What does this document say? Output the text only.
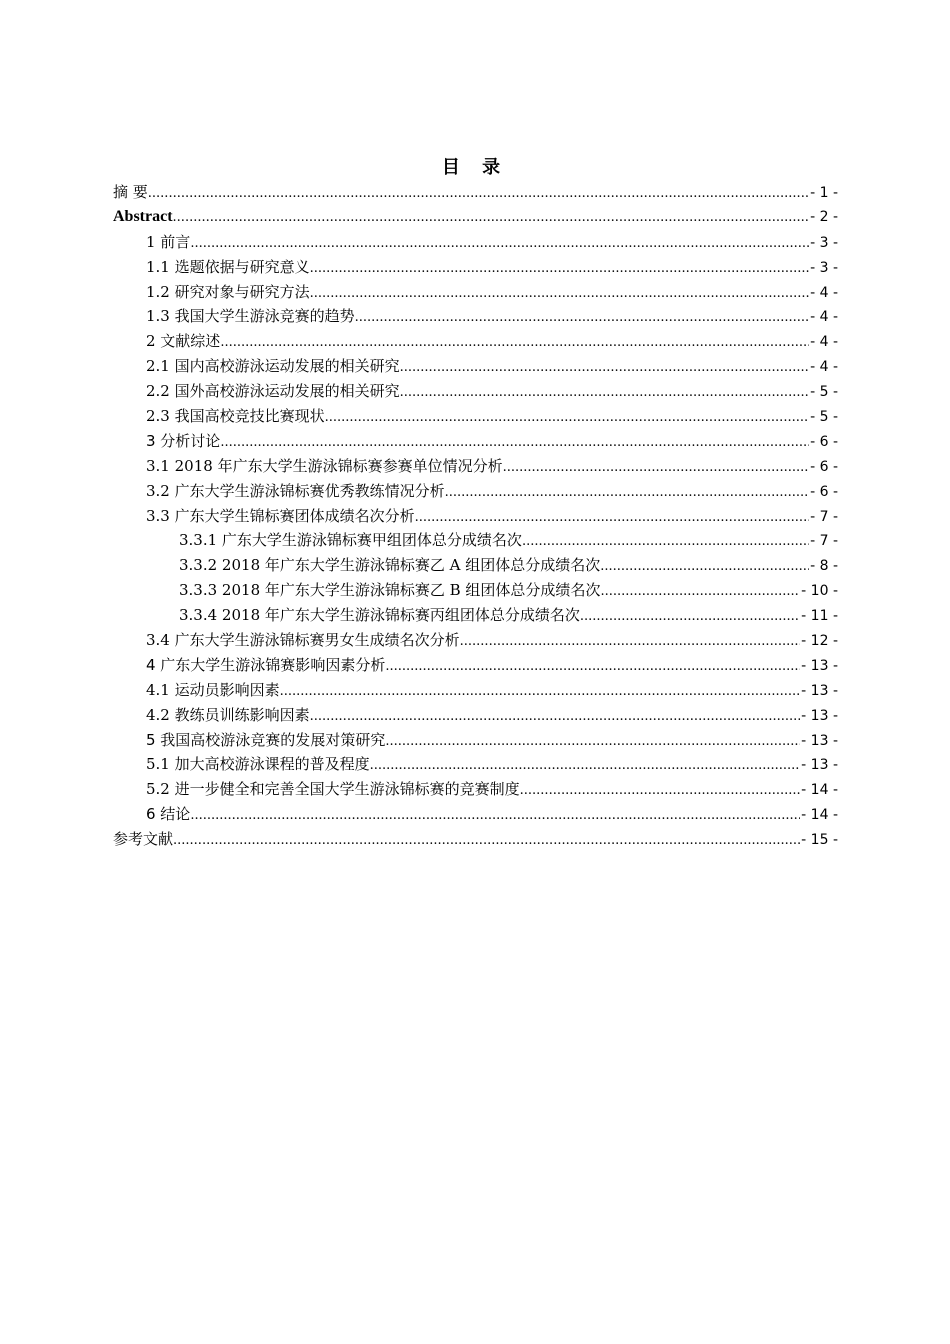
目 录
摘 要 .....	- 1 -
Abstract .....	- 2 -
1 前言 .....	- 3 -
1.1 选题依据与研究意义 .....	- 3 -
1.2 研究对象与研究方法 .....	- 4 -
1.3 我国大学生游泳竞赛的趋势 .....	- 4 -
2 文献综述 .....	- 4 -
2.1 国内高校游泳运动发展的相关研究 .....	- 4 -
2.2 国外高校游泳运动发展的相关研究 .....	- 5 -
2.3 我国高校竞技比赛现状 .....	- 5 -
3 分析讨论 .....	- 6 -
3.1 2018 年广东大学生游泳锦标赛参赛单位情况分析 .....	- 6 -
3.2 广东大学生游泳锦标赛优秀教练情况分析 .....	- 6 -
3.3 广东大学生锦标赛团体成绩名次分析 .....	- 7 -
3.3.1 广东大学生游泳锦标赛甲组团体总分成绩名次 .....	- 7 -
3.3.2 2018 年广东大学生游泳锦标赛乙 A 组团体总分成绩名次 .....	- 8 -
3.3.3 2018 年广东大学生游泳锦标赛乙 B 组团体总分成绩名次 .....	- 10 -
3.3.4 2018 年广东大学生游泳锦标赛丙组团体总分成绩名次 .....	- 11 -
3.4 广东大学生游泳锦标赛男女生成绩名次分析 .....	- 12 -
4 广东大学生游泳锦赛影响因素分析 .....	- 13 -
4.1 运动员影响因素 .....	- 13 -
4.2 教练员训练影响因素 .....	- 13 -
5 我国高校游泳竞赛的发展对策研究 .....	- 13 -
5.1 加大高校游泳课程的普及程度 .....	- 13 -
5.2 进一步健全和完善全国大学生游泳锦标赛的竞赛制度 .....	- 14 -
6 结论 .....	- 14 -
参考文献 .....	- 15 -
